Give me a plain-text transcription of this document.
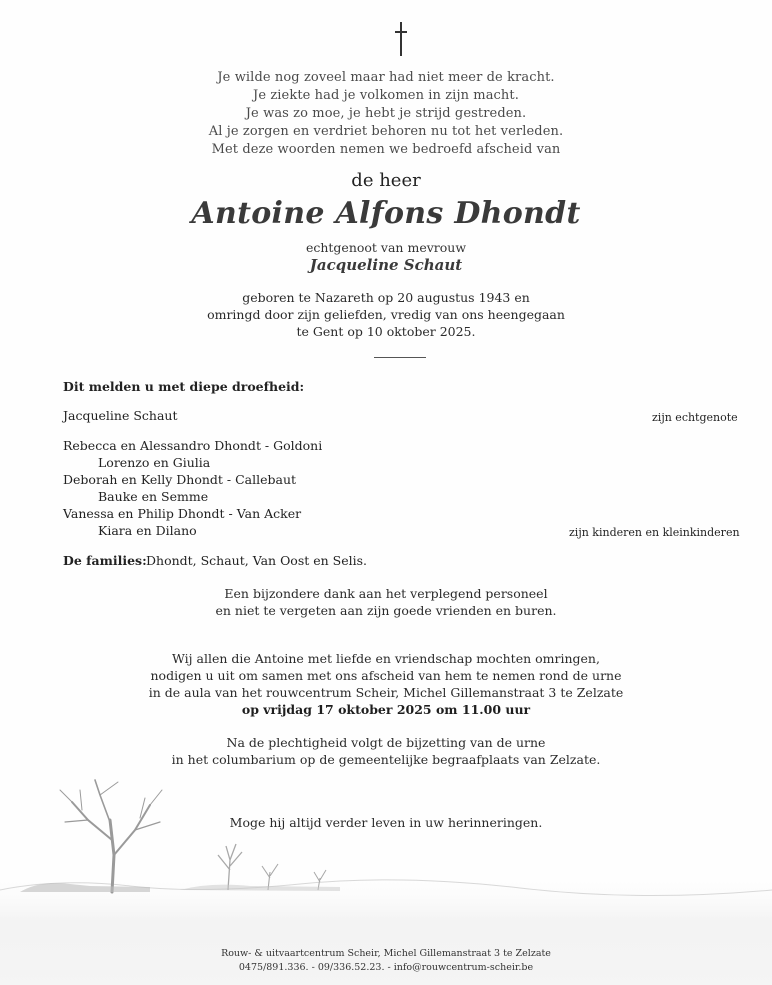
Je wilde nog zoveel maar had niet meer de kracht.
Je ziekte had je volkomen in zijn macht.
Je was zo moe, je hebt je strijd gestreden.
Al je zorgen en verdriet behoren nu tot het verleden.
Met deze woorden nemen we bedroefd afscheid van
de heer
Antoine Alfons Dhondt
echtgenoot van mevrouw
Jacqueline Schaut
geboren te Nazareth op 20 augustus 1943 en
omringd door zijn geliefden, vredig van ons heengegaan
te Gent op 10 oktober 2025.
Dit melden u met diepe droefheid:
Jacqueline Schaut	zijn echtgenote
Rebecca en Alessandro Dhondt - Goldoni
Lorenzo en Giulia
Deborah en Kelly Dhondt - Callebaut
Bauke en Semme
Vanessa en Philip Dhondt - Van Acker
Kiara en Dilano	zijn kinderen en kleinkinderen
De families: Dhondt, Schaut, Van Oost en Selis.
Een bijzondere dank aan het verplegend personeel
en niet te vergeten aan zijn goede vrienden en buren.
Wij allen die Antoine met liefde en vriendschap mochten omringen,
nodigen u uit om samen met ons afscheid van hem te nemen rond de urne
in de aula van het rouwcentrum Scheir, Michel Gillemanstraat 3 te Zelzate
op vrijdag 17 oktober 2025 om 11.00 uur
Na de plechtigheid volgt de bijzetting van de urne
in het columbarium op de gemeentelijke begraafplaats van Zelzate.
Moge hij altijd verder leven in uw herinneringen.
Rouw- & uitvaartcentrum Scheir, Michel Gillemanstraat 3 te Zelzate
0475/891.336. - 09/336.52.23. - info@rouwcentrum-scheir.be
